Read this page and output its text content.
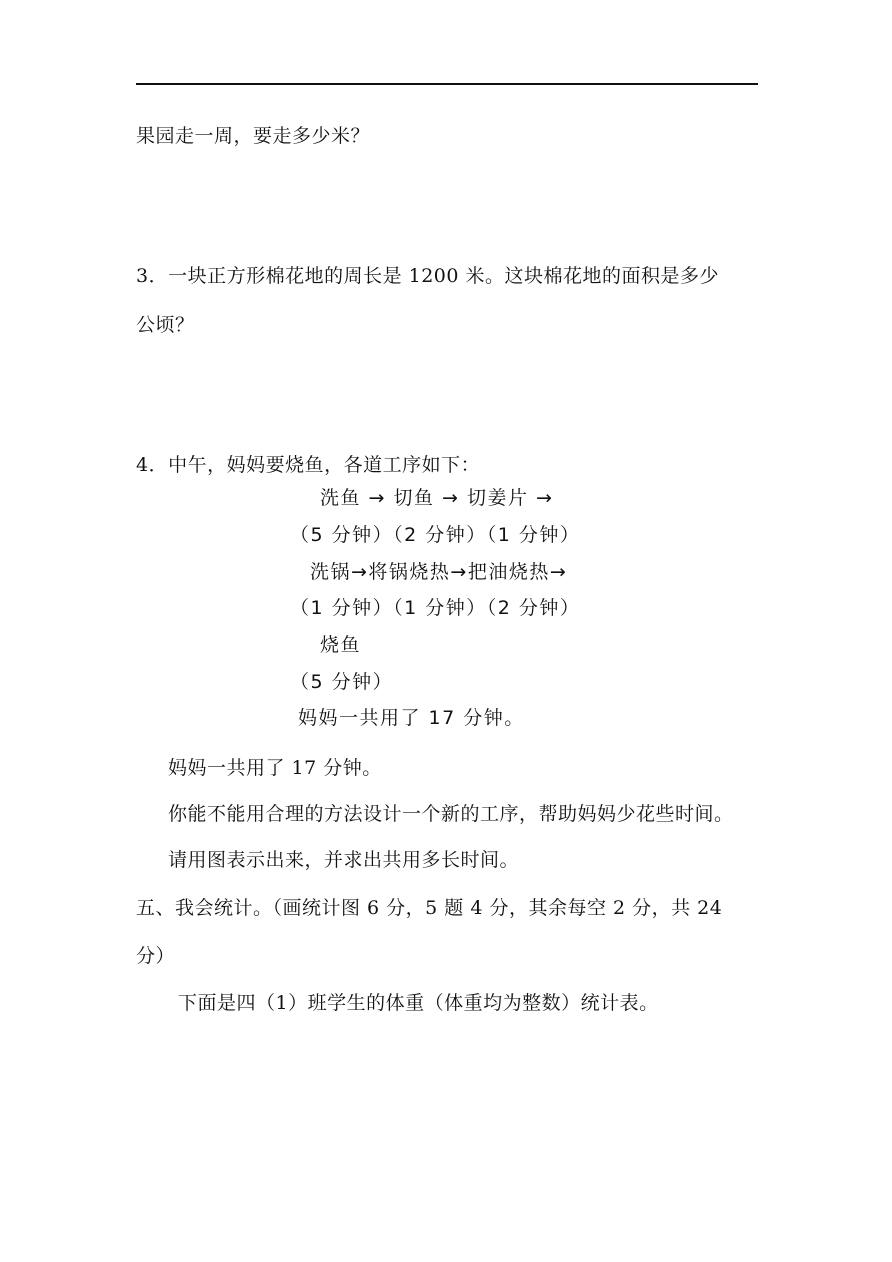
果园走一周，要走多少米？
3．一块正方形棉花地的周长是 1200 米。这块棉花地的面积是多少
公顷？
4．中午，妈妈要烧鱼，各道工序如下：
洗鱼 → 切鱼 → 切姜片 →
（5 分钟）（2 分钟）（1 分钟）
洗锅→将锅烧热→把油烧热→
（1 分钟）（1 分钟）（2 分钟）
烧鱼
（5 分钟）
妈妈一共用了 17 分钟。
妈妈一共用了 17 分钟。
你能不能用合理的方法设计一个新的工序，帮助妈妈少花些时间。
请用图表示出来，并求出共用多长时间。
五、我会统计。（画统计图 6 分，5 题 4 分，其余每空 2 分，共 24
分）
下面是四（1）班学生的体重（体重均为整数）统计表。
